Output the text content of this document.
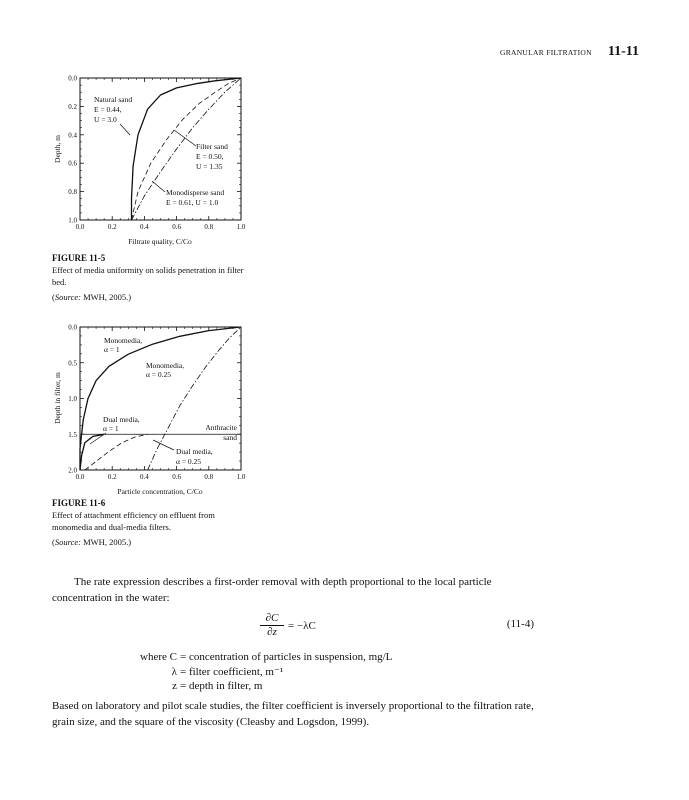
GRANULAR FILTRATION 11-11
0.0	0.2	0.4	0.6	0.8	1.0
0.0
0.2
0.4
0.6
0.8
1.0
Filtrate quality, C/Co
Depth, m
Natural sand
E = 0.44,
U = 3.0
Filter sand
E = 0.50,
U = 1.35
Monodisperse sand
E = 0.61, U = 1.0
FIGURE 11-5
Effect of media uniformity on solids penetration in filter bed.
(Source: MWH, 2005.)
0.0	0.2	0.4	0.6	0.8	1.0
0.0
0.5
1.0
1.5
2.0
Particle concentration, C/Co
Depth in filter, m
Monomedia,
α = 1
Monomedia,
α = 0.25
Dual media,
α = 1
Dual media,
α = 0.25
Anthracite
sand
FIGURE 11-6
Effect of attachment efficiency on effluent from monomedia and dual-media filters.
(Source: MWH, 2005.)

The rate expression describes a first-order removal with depth proportional to the local particle concentration in the water:

$\frac{\partial C}{\partial z} = -\lambda C$	(11-4)
where C = concentration of particles in suspension, mg/L
λ = filter coefficient, m⁻¹
z = depth in filter, m

Based on laboratory and pilot scale studies, the filter coefficient is inversely proportional to the filtration rate, grain size, and the square of the viscosity (Cleasby and Logsdon, 1999).
